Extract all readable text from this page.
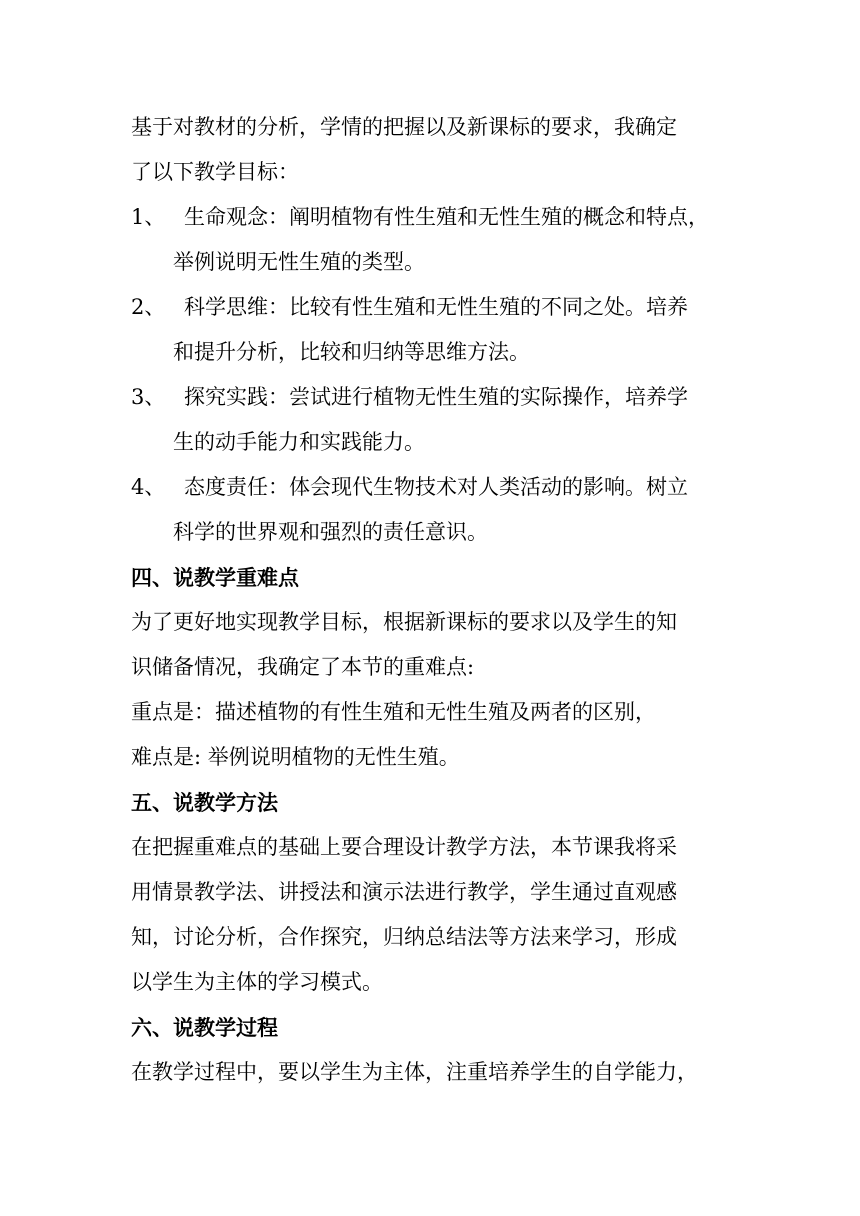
基于对教材的分析，学情的把握以及新课标的要求，我确定

了以下教学目标：

1、 生命观念：阐明植物有性生殖和无性生殖的概念和特点，
举例说明无性生殖的类型。
2、 科学思维：比较有性生殖和无性生殖的不同之处。培养
和提升分析，比较和归纳等思维方法。
3、 探究实践：尝试进行植物无性生殖的实际操作，培养学
生的动手能力和实践能力。
4、 态度责任：体会现代生物技术对人类活动的影响。树立
科学的世界观和强烈的责任意识。

四、说教学重难点

为了更好地实现教学目标，根据新课标的要求以及学生的知

识储备情况，我确定了本节的重难点:

重点是：描述植物的有性生殖和无性生殖及两者的区别，

难点是: 举例说明植物的无性生殖。

五、说教学方法

在把握重难点的基础上要合理设计教学方法，本节课我将采

用情景教学法、讲授法和演示法进行教学，学生通过直观感

知，讨论分析，合作探究，归纳总结法等方法来学习，形成

以学生为主体的学习模式。

六、说教学过程

在教学过程中，要以学生为主体，注重培养学生的自学能力，
